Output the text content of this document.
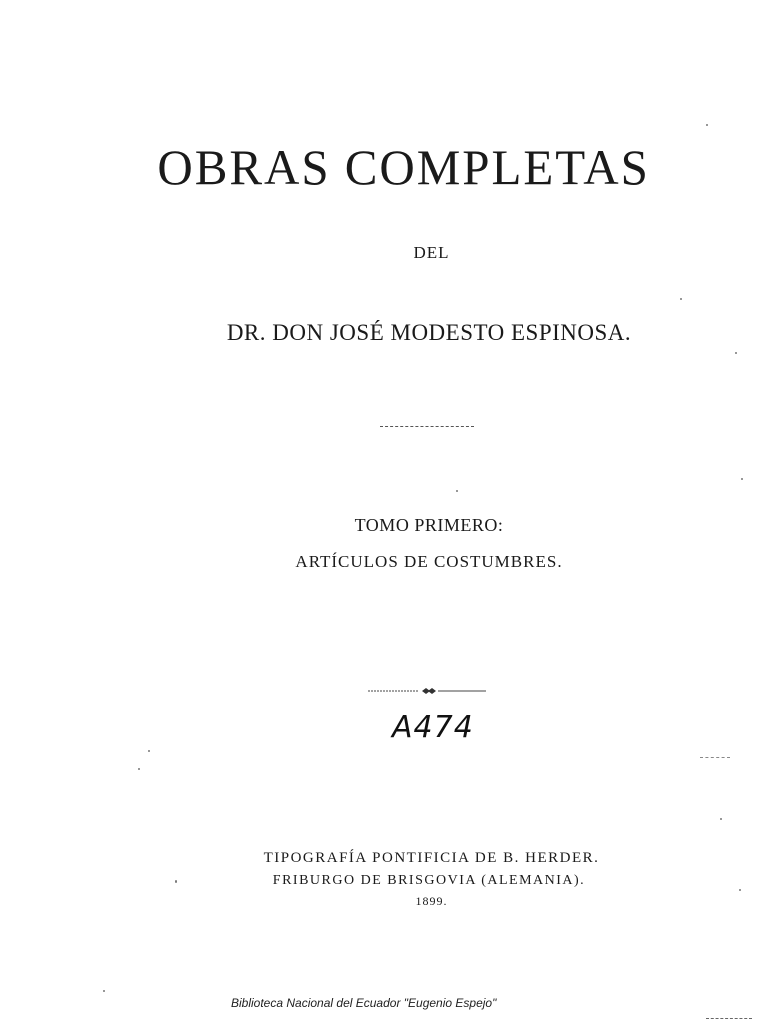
OBRAS COMPLETAS
DEL
DR. DON JOSÉ MODESTO ESPINOSA.
TOMO PRIMERO:
ARTÍCULOS DE COSTUMBRES.
A474
TIPOGRAFÍA PONTIFICIA DE B. HERDER.
FRIBURGO DE BRISGOVIA (ALEMANIA).
1899.
Biblioteca Nacional del Ecuador "Eugenio Espejo"
